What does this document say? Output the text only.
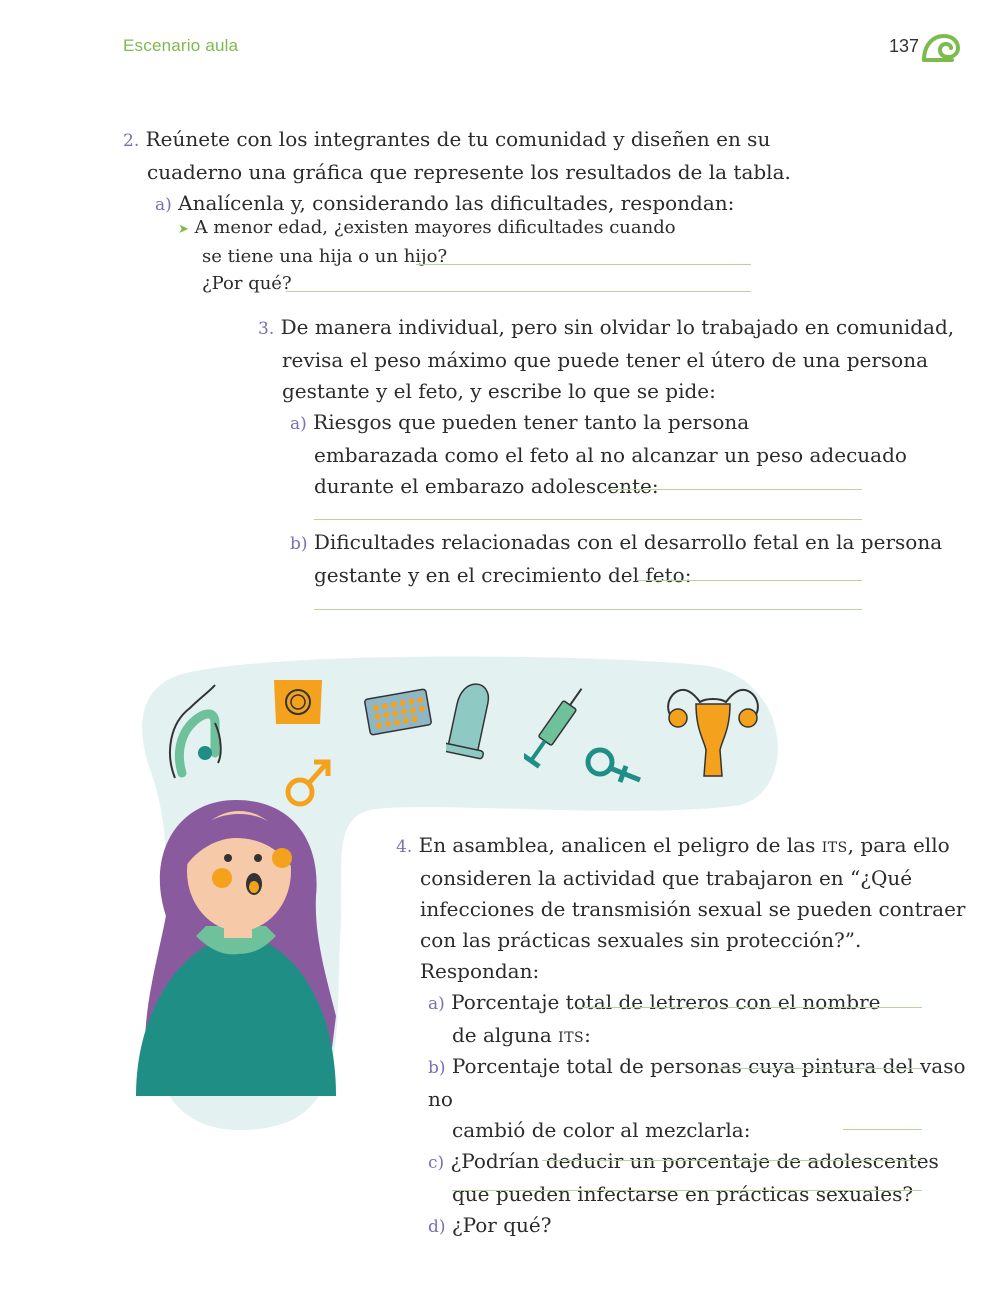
Escenario aula	137
2. Reúnete con los integrantes de tu comunidad y diseñen en su
cuaderno una gráfica que represente los resultados de la tabla.
a) Analícenla y, considerando las dificultades, respondan:
➤ A menor edad, ¿existen mayores dificultades cuando
se tiene una hija o un hijo?
¿Por qué?
3. De manera individual, pero sin olvidar lo trabajado en comunidad,
revisa el peso máximo que puede tener el útero de una persona
gestante y el feto, y escribe lo que se pide:
a) Riesgos que pueden tener tanto la persona
embarazada como el feto al no alcanzar un peso adecuado
durante el embarazo adolescente:
b) Dificultades relacionadas con el desarrollo fetal en la persona
gestante y en el crecimiento del feto:
4. En asamblea, analicen el peligro de las its, para ello
consideren la actividad que trabajaron en “¿Qué
infecciones de transmisión sexual se pueden contraer
con las prácticas sexuales sin protección?”. Respondan:
a) Porcentaje total de letreros con el nombre
de alguna its:
b) Porcentaje total de personas cuya pintura del vaso no
cambió de color al mezclarla:
c) ¿Podrían deducir un porcentaje de adolescentes
que pueden infectarse en prácticas sexuales?
d) ¿Por qué?
